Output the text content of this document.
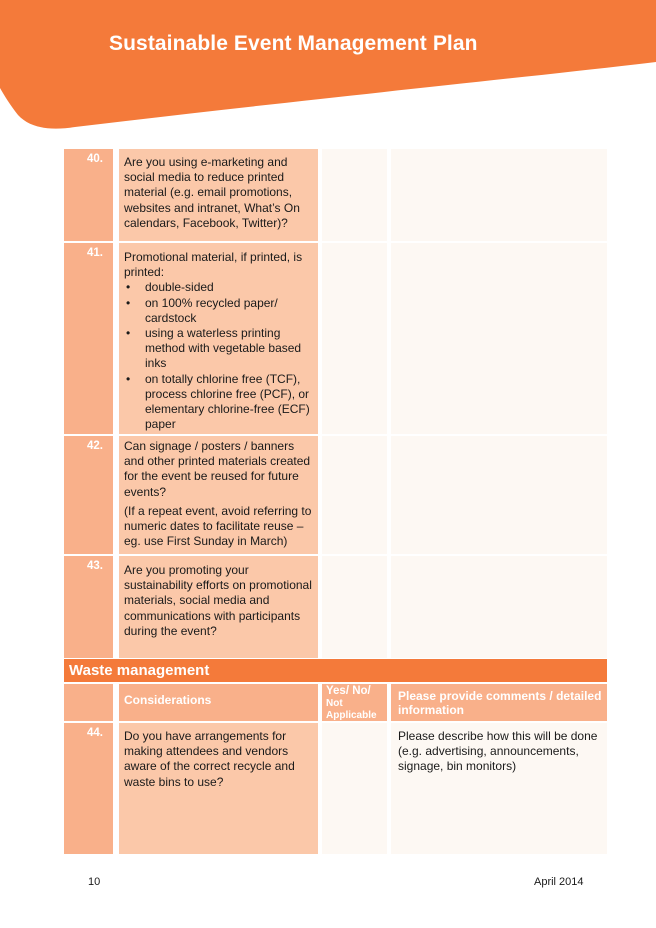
Sustainable Event Management Plan
40. Are you using e-marketing and social media to reduce printed material (e.g. email promotions, websites and intranet, What’s On calendars, Facebook, Twitter)?

41. Promotional material, if printed, is printed:

• double-sided
• on 100% recycled paper/ cardstock
• using a waterless printing method with vegetable based inks
• on totally chlorine free (TCF), process chlorine free (PCF), or elementary chlorine-free (ECF) paper
42. Can signage / posters / banners and other printed materials created for the event be reused for future events?

(If a repeat event, avoid referring to numeric dates to facilitate reuse – eg. use First Sunday in March)

43. Are you promoting your sustainability efforts on promotional materials, social media and communications with participants during the event?

Waste management
Considerations
Yes/ No/
Not Applicable
Please provide comments / detailed information
44. Do you have arrangements for making attendees and vendors aware of the correct recycle and waste bins to use?

Please describe how this will be done (e.g. advertising, announcements, signage, bin monitors)
10	April 2014
